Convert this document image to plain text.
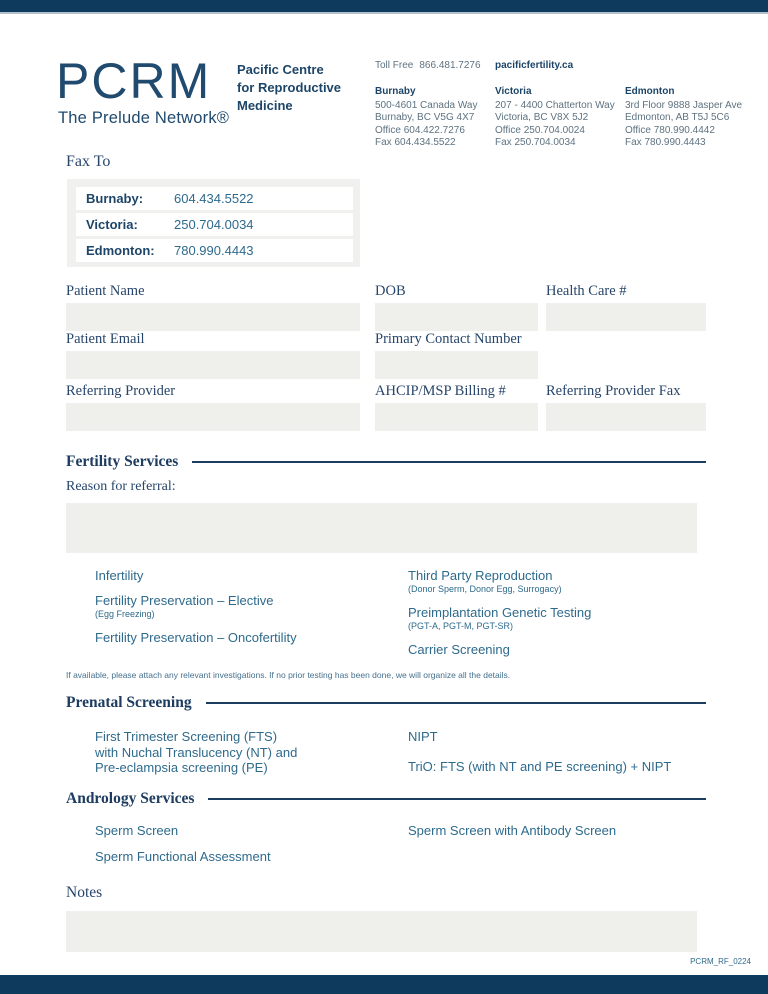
PCRM
The Prelude Network®
Pacific Centre
for Reproductive
Medicine
Toll Free 866.481.7276 pacificfertility.ca
Burnaby
500-4601 Canada Way
Burnaby, BC V5G 4X7
Office 604.422.7276
Fax 604.434.5522
Victoria
207 - 4400 Chatterton Way
Victoria, BC V8X 5J2
Office 250.704.0024
Fax 250.704.0034
Edmonton
3rd Floor 9888 Jasper Ave
Edmonton, AB T5J 5C6
Office 780.990.4442
Fax 780.990.4443
Fax To
Burnaby:	604.434.5522
Victoria:	250.704.0034
Edmonton:	780.990.4443
Patient Name	DOB	Health Care #
Patient Email	Primary Contact Number
Referring Provider	AHCIP/MSP Billing #	Referring Provider Fax
Fertility Services
Reason for referral:
Infertility
Fertility Preservation – Elective
(Egg Freezing)
Fertility Preservation – Oncofertility
Third Party Reproduction
(Donor Sperm, Donor Egg, Surrogacy)
Preimplantation Genetic Testing
(PGT-A, PGT-M, PGT-SR)
Carrier Screening
If available, please attach any relevant investigations. If no prior testing has been done, we will organize all the details.
Prenatal Screening
First Trimester Screening (FTS)
with Nuchal Translucency (NT) and
Pre-eclampsia screening (PE)
NIPT
TriO: FTS (with NT and PE screening) + NIPT
Andrology Services
Sperm Screen
Sperm Functional Assessment
Sperm Screen with Antibody Screen
Notes
PCRM_RF_0224
